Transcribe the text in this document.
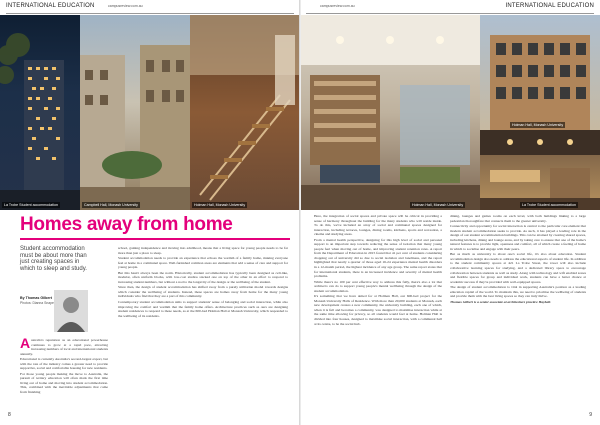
INTERNATIONAL EDUCATION	campusreview.com.au
La Trobe Student accommodation	Campbell Hall, Monash University	Holman Hall, Monash University
Homes away from home
Student accommodation must be about more than just creating spaces in which to sleep and study.
By Thomas Gilbert
Photos: Dianna Snape
A ustralia's reputation as an educational powerhouse continues to grow at a rapid pace, attracting increasing numbers of local and international students annually.

Educational is currently Australia's second-largest export, but with the rate of the industry comes a greater need to provide supportive, social and comfortable housing for new residents.

For those young people making the move to Australia, the pursuit of tertiary education will often mark the first time living out of home and moving into student accommodation. This, combined with the inevitable adjustments that come from finishing

school, gaining independence and moving into adulthood, means that a living space for young people needs to be far more than just a place to sleep.

Student accommodation needs to provide an experience that echoes the warmth of a family home, making everyone feel at home in a communal space. Well-furnished common areas are elements that add a sense of care and support for young people.

But this hasn't always been the norm. Historically, student accommodation has typically been designed as cell-like, modular, often uniform blocks, with low-cost studios stacked one on top of the other in an effort to respond to increasing student numbers, but without a nod to the longevity of the design or the wellbeing of the student.

Since then, the design of student accommodation has shifted away from a purely utilitarian model towards designs which consider the wellbeing of students. Instead, these spaces are homes away from home for the many young individuals who find that they are a part of this community.

Contemporary student accommodation aims to support students' sense of belonging and social interaction, while also improving the comfort and warmth that the family home offers. Architecture practices such as ours are designing student residences to respond to these needs, as at the 600-bed Holman Hall at Monash University, which responded to the wellbeing of its residents.

8
campusreview.com.au	INTERNATIONAL EDUCATION
Holman Hall, Monash University
Holman Hall, Monash University
La Trobe Student accommodation

Here, the integration of social spaces and private space will be critical in providing a sense of harmony throughout the building for the many students who will reside inside. To do this, we've included an array of social and communal spaces designed for interaction, including terraces, lounges, dining rooms, kitchens, sports and recreation, a cinema and studying areas.

From a mental health perspective, designing for this high level of social and personal support is an important step towards reducing the sense of isolation that many young people feel when moving out of home, and improving student retention rates. A report from the Department of Education in 2015 found that 41 per cent of students considering dropping out of university did so due to social isolation and loneliness, and the report highlighted that nearly a quarter of those aged 16-24 experience mental health disorders in a 12-month period, the highest incidence of any age group. The same report states that for international students, there is an increased incidence and severity of mental health problems.

While there's no 100 per cent effective way to address this fully, there's also a lot that architects can do to support young people's mental wellbeing through the design of the student accommodation.

It's something that we have aimed for at Holman Hall, our 600-bed project for the Monash University Halls of Residence. With more than 20,000 students at Monash, each new development creates a new community, the university building, each one of which, when it is full and becomes a community, was designed to maximise interaction while at the same time allowing for privacy, so all students would feel at home. Holman Hall is divided into four houses, designed to maximise social interaction, with a communal hall at its centre, to be the social hub.

dining, lounges and games rooms on each level, with both buildings linking to a large pedestrian thoroughfare that connects them to the greater university.

Connectivity and opportunity for social interaction is central to the particular care element that modern student accommodation seeks to provide. As such, it has played a leading role in the design of our student accommodation buildings. This can be attained by creating shared spaces, including kitchens, dining and lounge areas, and by taking care to ensure that one of the home's natural features is to provide light, openness and comfort, all of which create a feeling of home in which to socialise and engage with their peers.

But as much as university is about one's social life, it's also about education. Student accommodation design also needs to address the educational aspects of student life. In addition to the student community spaces at 421 La Trobe Street, the tower will also include collaborative learning spaces for studying, and a dedicated library space to encourage collaboration between students as well as study. Along with technology and wifi enabled zones and flexible spaces for group and individual work, students can have a better chance at academic success if they're provided with well-equipped spaces.

The design of student accommodation is vital in supporting Australia's position as a leading education capital of the world. To maintain this, we need to prioritise the wellbeing of students and provide them with the best living spaces so they can truly thrive.

Thomas Gilbert is a senior associate at architecture practice Hayball.

9
